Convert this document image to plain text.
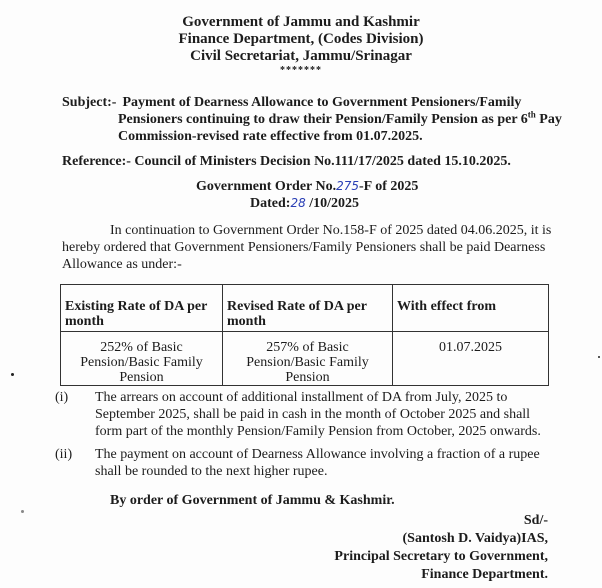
Government of Jammu and Kashmir
Finance Department, (Codes Division)
Civil Secretariat, Jammu/Srinagar
*******
Subject:- Payment of Dearness Allowance to Government Pensioners/Family
Pensioners continuing to draw their Pension/Family Pension as per 6th Pay
Commission-revised rate effective from 01.07.2025.
Reference:- Council of Ministers Decision No.111/17/2025 dated 15.10.2025.
Government Order No.275-F of 2025
Dated:28 /10/2025
In continuation to Government Order No.158-F of 2025 dated 04.06.2025, it is
hereby ordered that Government Pensioners/Family Pensioners shall be paid Dearness
Allowance as under:-
Existing Rate of DA per month	Revised Rate of DA per month	With effect from
252% of Basic Pension/Basic Family Pension	257% of Basic Pension/Basic Family Pension	01.07.2025
(i) The arrears on account of additional installment of DA from July, 2025 to
September 2025, shall be paid in cash in the month of October 2025 and shall
form part of the monthly Pension/Family Pension from October, 2025 onwards.
(ii) The payment on account of Dearness Allowance involving a fraction of a rupee
shall be rounded to the next higher rupee.
By order of Government of Jammu & Kashmir.
Sd/-
(Santosh D. Vaidya)IAS,
Principal Secretary to Government,
Finance Department.
